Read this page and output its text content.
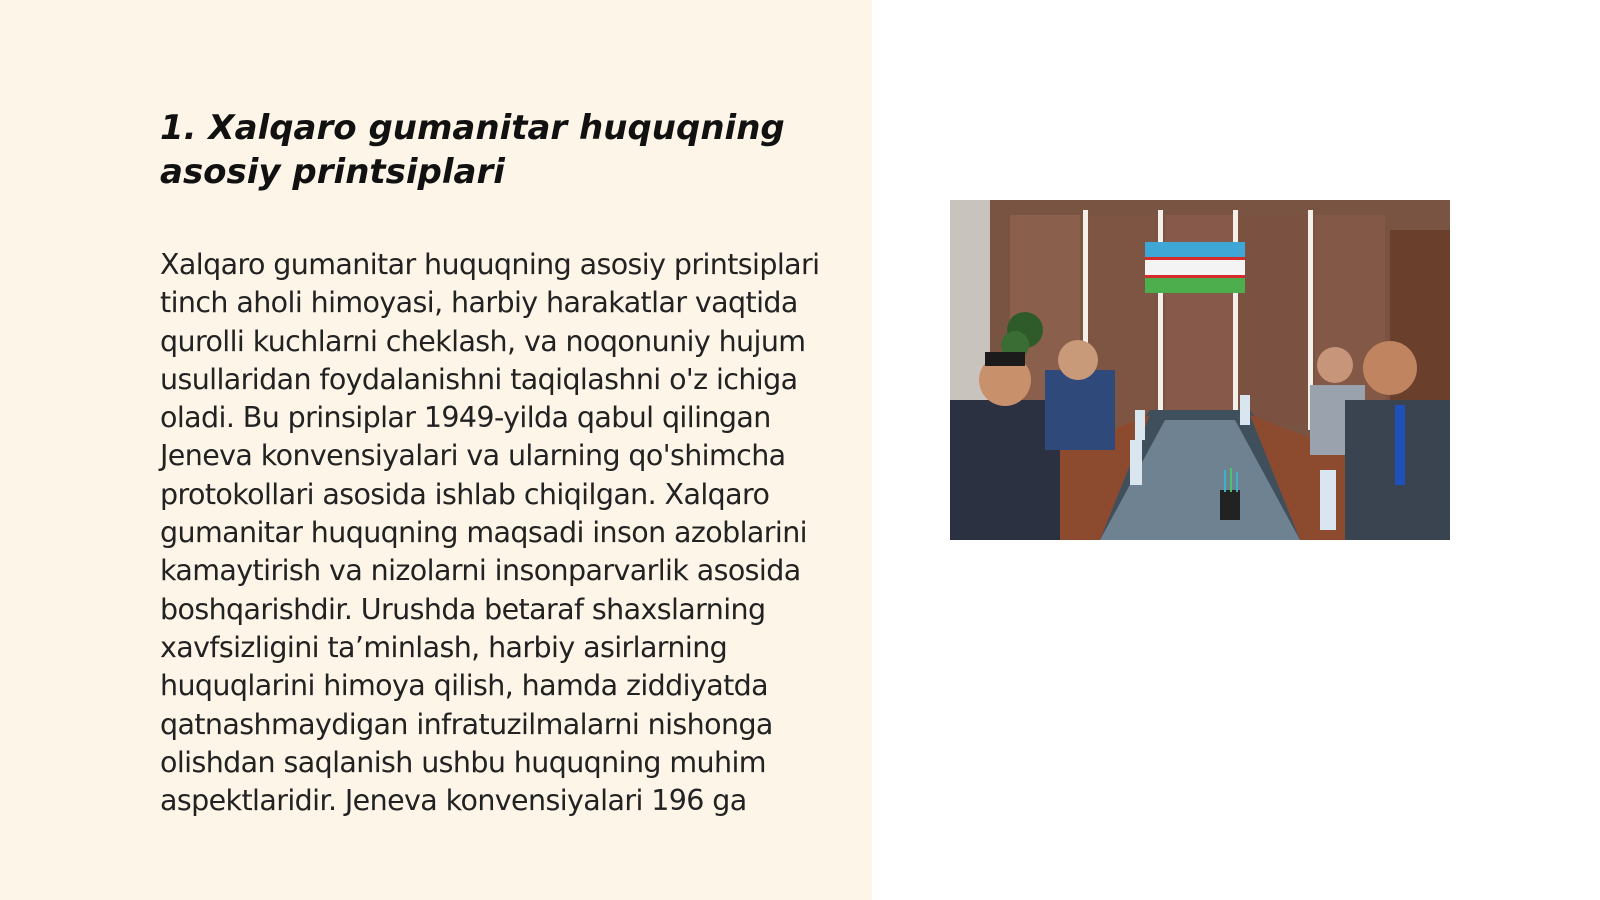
1. Xalqaro gumanitar huquqning asosiy printsiplari

Xalqaro gumanitar huquqning asosiy printsiplari tinch aholi himoyasi, harbiy harakatlar vaqtida qurolli kuchlarni cheklash, va noqonuniy hujum usullaridan foydalanishni taqiqlashni o'z ichiga oladi. Bu prinsiplar 1949-yilda qabul qilingan Jeneva konvensiyalari va ularning qo'shimcha protokollari asosida ishlab chiqilgan. Xalqaro gumanitar huquqning maqsadi inson azoblarini kamaytirish va nizolarni insonparvarlik asosida boshqarishdir. Urushda betaraf shaxslarning xavfsizligini ta’minlash, harbiy asirlarning huquqlarini himoya qilish, hamda ziddiyatda qatnashmaydigan infratuzilmalarni nishonga olishdan saqlanish ushbu huquqning muhim aspektlaridir. Jeneva konvensiyalari 196 ga
